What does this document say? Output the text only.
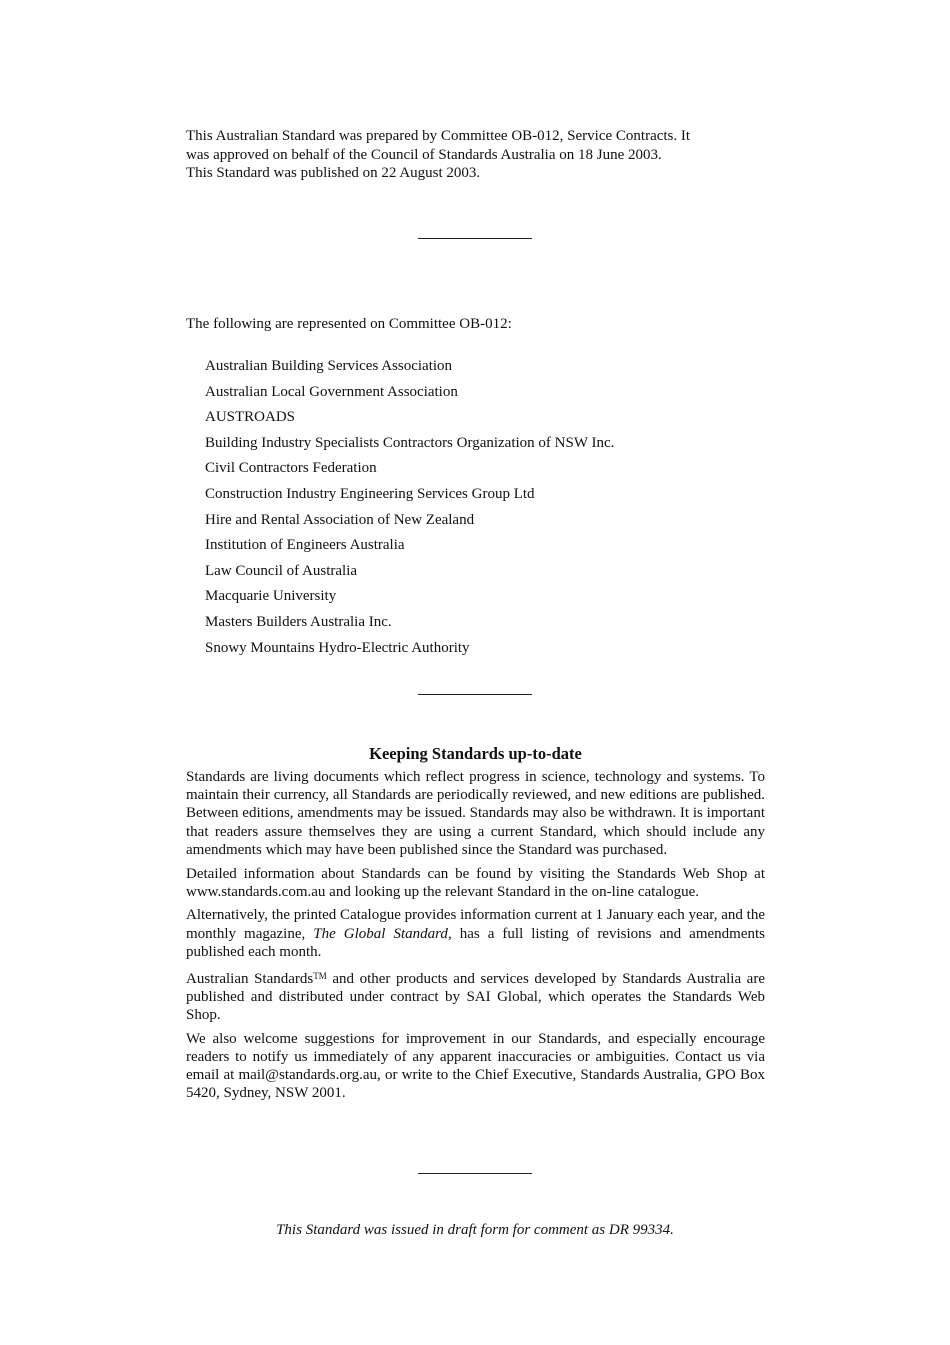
This Australian Standard was prepared by Committee OB-012, Service Contracts. It
was approved on behalf of the Council of Standards Australia on 18 June 2003.
This Standard was published on 22 August 2003.
The following are represented on Committee OB-012:
Australian Building Services Association
Australian Local Government Association
AUSTROADS
Building Industry Specialists Contractors Organization of NSW Inc.
Civil Contractors Federation
Construction Industry Engineering Services Group Ltd
Hire and Rental Association of New Zealand
Institution of Engineers Australia
Law Council of Australia
Macquarie University
Masters Builders Australia Inc.
Snowy Mountains Hydro-Electric Authority
Keeping Standards up-to-date

Standards are living documents which reflect progress in science, technology and systems. To maintain their currency, all Standards are periodically reviewed, and new editions are published. Between editions, amendments may be issued. Standards may also be withdrawn. It is important that readers assure themselves they are using a current Standard, which should include any amendments which may have been published since the Standard was purchased.

Detailed information about Standards can be found by visiting the Standards Web Shop at www.standards.com.au and looking up the relevant Standard in the on-line catalogue.

Alternatively, the printed Catalogue provides information current at 1 January each year, and the monthly magazine, The Global Standard, has a full listing of revisions and amendments published each month.

Australian Standards™ and other products and services developed by Standards Australia are published and distributed under contract by SAI Global, which operates the Standards Web Shop.

We also welcome suggestions for improvement in our Standards, and especially encourage readers to notify us immediately of any apparent inaccuracies or ambiguities. Contact us via email at mail@standards.org.au, or write to the Chief Executive, Standards Australia, GPO Box 5420, Sydney, NSW 2001.

This Standard was issued in draft form for comment as DR 99334.
